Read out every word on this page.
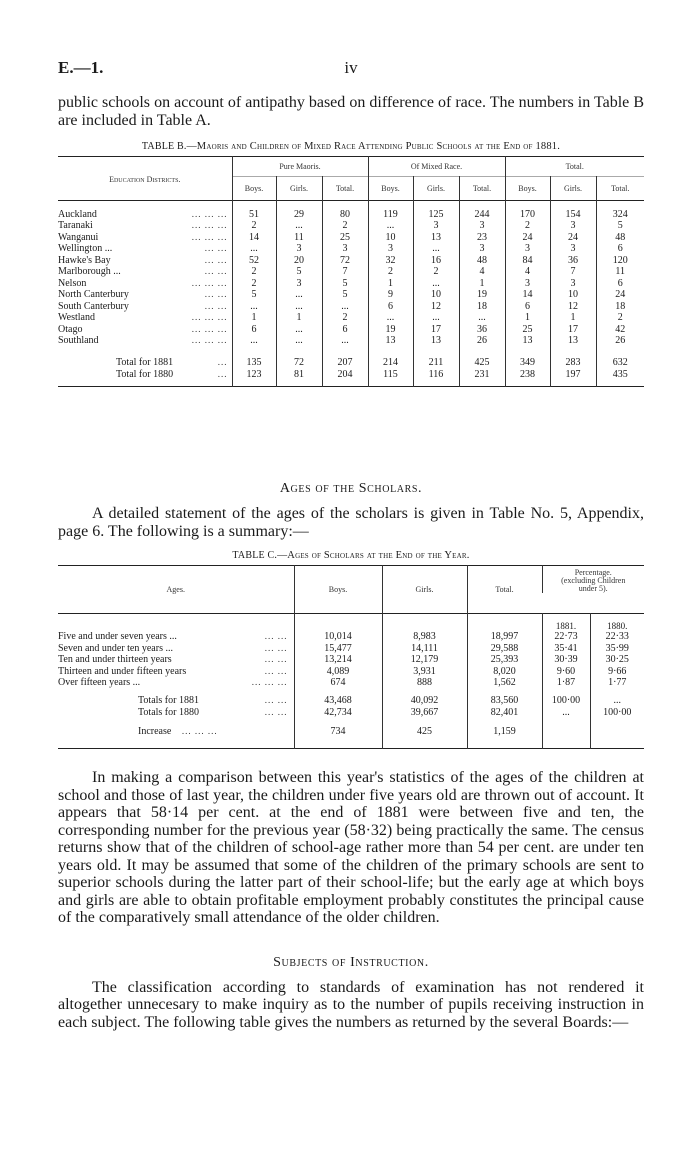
iv
E.—1.

public schools on account of antipathy based on difference of race. The numbers in Table B are included in Table A.

TABLE B.—Maoris and Children of Mixed Race Attending Public Schools at the End of 1881.
Education Districts.	Pure Maoris.			Of Mixed Race.			Total.		
	Boys.	Girls.	Total.	Boys.	Girls.	Total.	Boys.	Girls.	Total.

Auckland ... ... ...	51	29	80	119	125	244	170	154	324
Taranaki ... ... ...	2	...	2	...	3	3	2	3	5
Wanganui ... ... ...	14	11	25	10	13	23	24	24	48
Wellington ... ... ...	...	3	3	3	...	3	3	3	6
Hawke's Bay ... ...	52	20	72	32	16	48	84	36	120
Marlborough ... ... ...	2	5	7	2	2	4	4	7	11
Nelson ... ... ...	2	3	5	1	...	1	3	3	6
North Canterbury ... ...	5	...	5	9	10	19	14	10	24
South Canterbury ... ...	...	...	...	6	12	18	6	12	18
Westland ... ... ...	1	1	2	...	...	...	1	1	2
Otago ... ... ...	6	...	6	19	17	36	25	17	42
Southland ... ... ...	...	...	...	13	13	26	13	13	26

Total for 1881 ...	135	72	207	214	211	425	349	283	632
Total for 1880 ...	123	81	204	115	116	231	238	197	435

Ages of the Scholars.

A detailed statement of the ages of the scholars is given in Table No. 5, Appendix, page 6. The following is a summary:—

TABLE C.—Ages of Scholars at the End of the Year.
Ages.	Boys.	Girls.	Total.	Percentage.
(excluding Children
under 5).	

				1881.	1880.
Five and under seven years ... ... ...	10,014	8,983	18,997	22·73	22·33
Seven and under ten years ... ... ...	15,477	14,111	29,588	35·41	35·99
Ten and under thirteen years ... ...	13,214	12,179	25,393	30·39	30·25
Thirteen and under fifteen years ... ...	4,089	3,931	8,020	9·60	9·66
Over fifteen years ... ... ... ...	674	888	1,562	1·87	1·77

Totals for 1881 ... ...	43,468	40,092	83,560	100·00	...
Totals for 1880 ... ...	42,734	39,667	82,401	...	100·00

Increase ... ... ...	734	425	1,159		

In making a comparison between this year's statistics of the ages of the children at school and those of last year, the children under five years old are thrown out of account. It appears that 58·14 per cent. at the end of 1881 were between five and ten, the corresponding number for the previous year (58·32) being practically the same. The census returns show that of the children of school-age rather more than 54 per cent. are under ten years old. It may be assumed that some of the children of the primary schools are sent to superior schools during the latter part of their school-life; but the early age at which boys and girls are able to obtain profitable employment probably constitutes the principal cause of the comparatively small attendance of the older children.

Subjects of Instruction.

The classification according to standards of examination has not rendered it altogether unnecesary to make inquiry as to the number of pupils receiving instruction in each subject. The following table gives the numbers as returned by the several Boards:—
